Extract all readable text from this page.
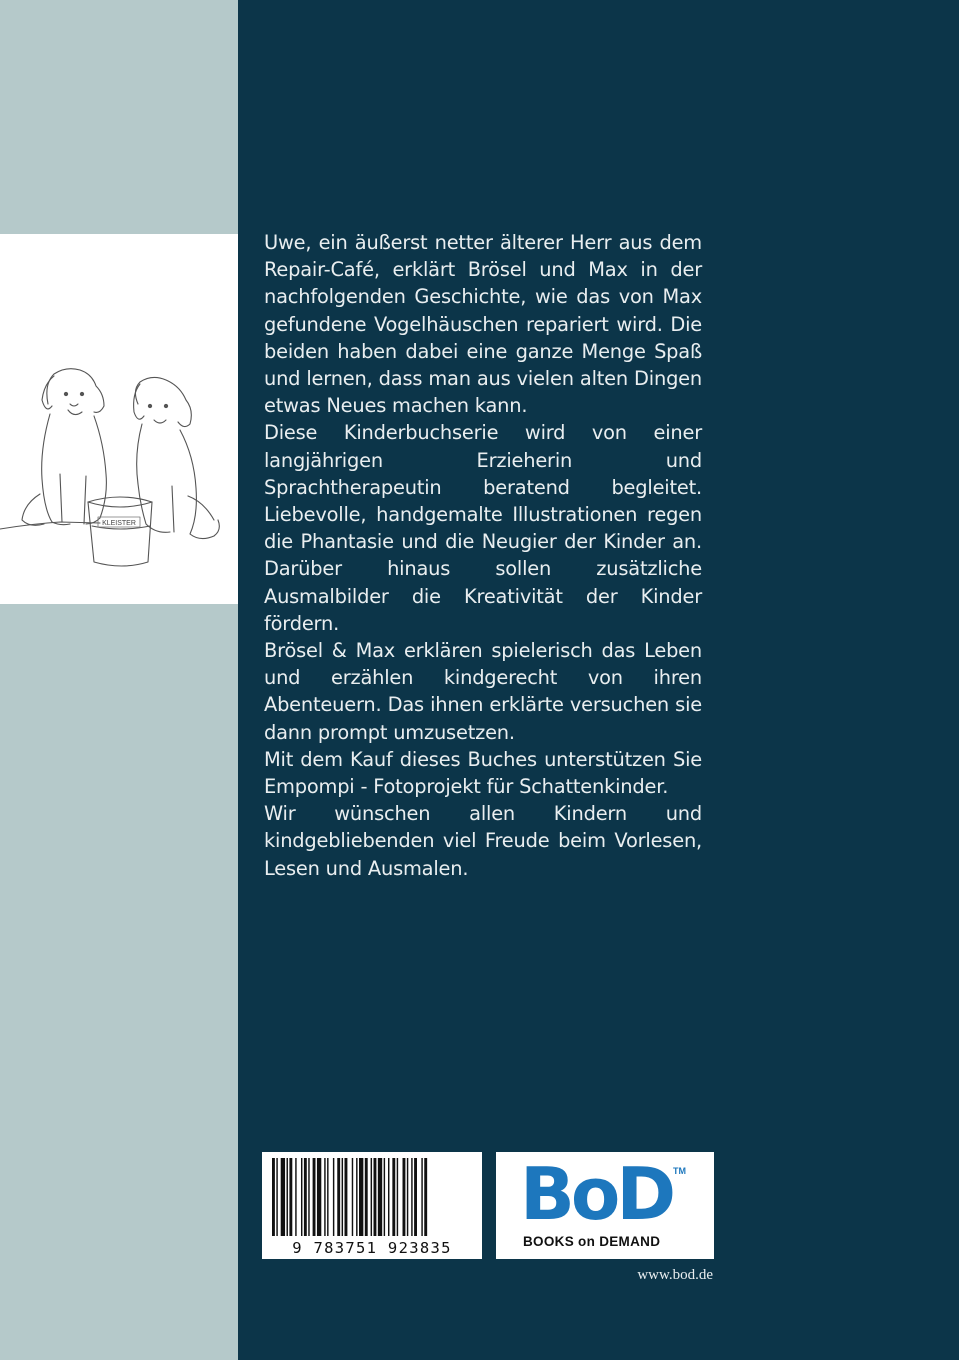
KLEISTER

Uwe, ein äußerst netter älterer Herr aus dem Repair-Café, erklärt Brösel und Max in der nachfolgenden Geschichte, wie das von Max gefundene Vogelhäuschen repariert wird. Die beiden haben dabei eine ganze Menge Spaß und lernen, dass man aus vielen alten Dingen etwas Neues machen kann.

Diese Kinderbuchserie wird von einer langjährigen Erzieherin und Sprachtherapeutin beratend begleitet. Liebevolle, handgemalte Illustrationen regen die Phantasie und die Neugier der Kinder an. Darüber hinaus sollen zusätzliche Ausmalbilder die Kreativität der Kinder fördern.

Brösel & Max erklären spielerisch das Leben und erzählen kindgerecht von ihren Abenteuern. Das ihnen erklärte versuchen sie dann prompt umzusetzen.

Mit dem Kauf dieses Buches unterstützen Sie Empompi - Fotoprojekt für Schattenkinder.

Wir wünschen allen Kindern und kindgebliebenden viel Freude beim Vorlesen, Lesen und Ausmalen.

9 783751 923835
BoD TM
BOOKS on DEMAND
www.bod.de
